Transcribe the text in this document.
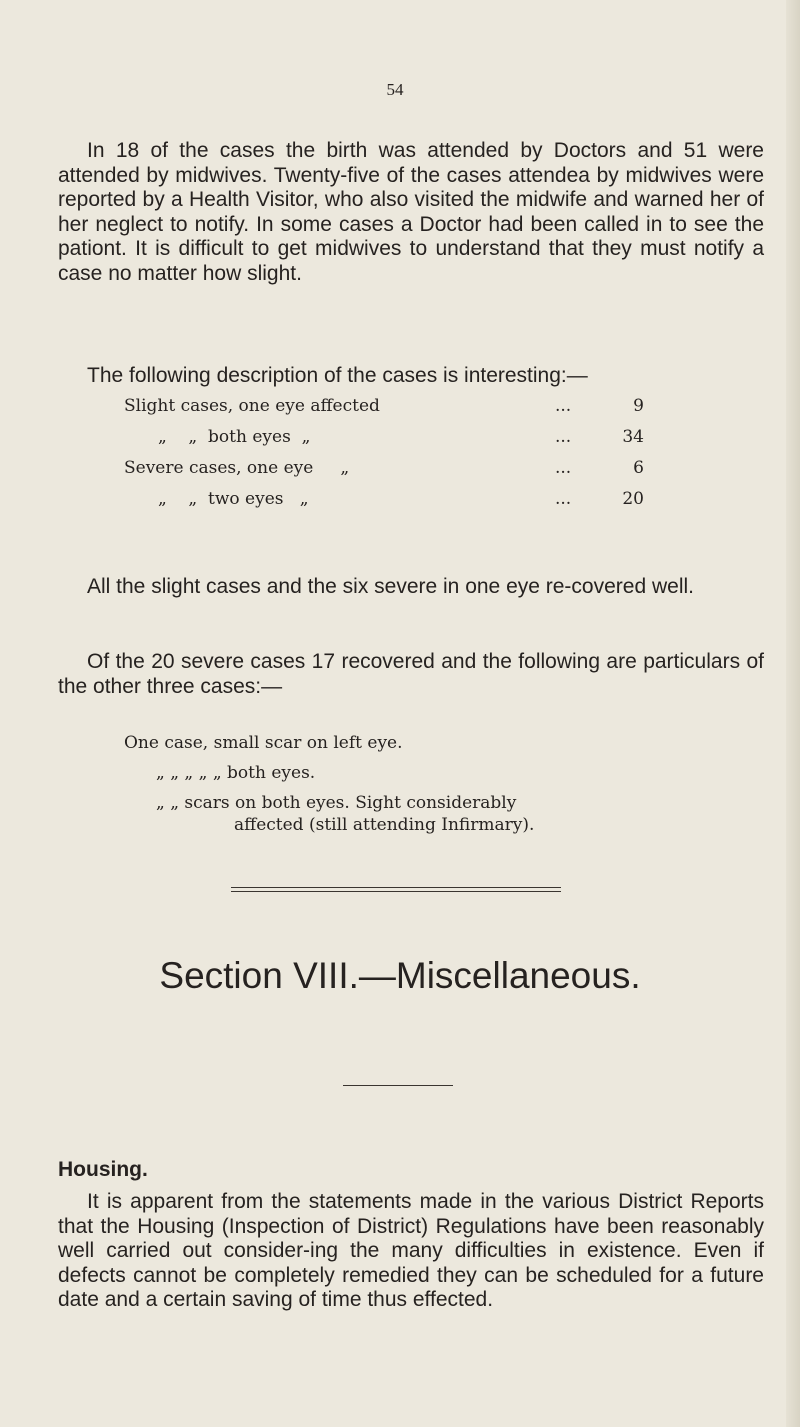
54

In 18 of the cases the birth was attended by Doctors and 51 were attended by midwives. Twenty-five of the cases attendea by midwives were reported by a Health Visitor, who also visited the midwife and warned her of her neglect to notify. In some cases a Doctor had been called in to see the pationt. It is difficult to get midwives to understand that they must notify a case no matter how slight.

The following description of the cases is interesting:—

Slight cases, one eye affected	...	9
„    „  both eyes  „	...	34
Severe cases, one eye     „	...	6
„    „  two eyes   „	...	20

All the slight cases and the six severe in one eye re-covered well.

Of the 20 severe cases 17 recovered and the following are particulars of the other three cases:—

One case, small scar on left eye.
„ „ „ „ „ both eyes.
„ „ scars on both eyes. Sight considerably
affected (still attending Infirmary).
Section VIII.—Miscellaneous.
Housing.

It is apparent from the statements made in the various District Reports that the Housing (Inspection of District) Regulations have been reasonably well carried out consider-ing the many difficulties in existence. Even if defects cannot be completely remedied they can be scheduled for a future date and a certain saving of time thus effected.
